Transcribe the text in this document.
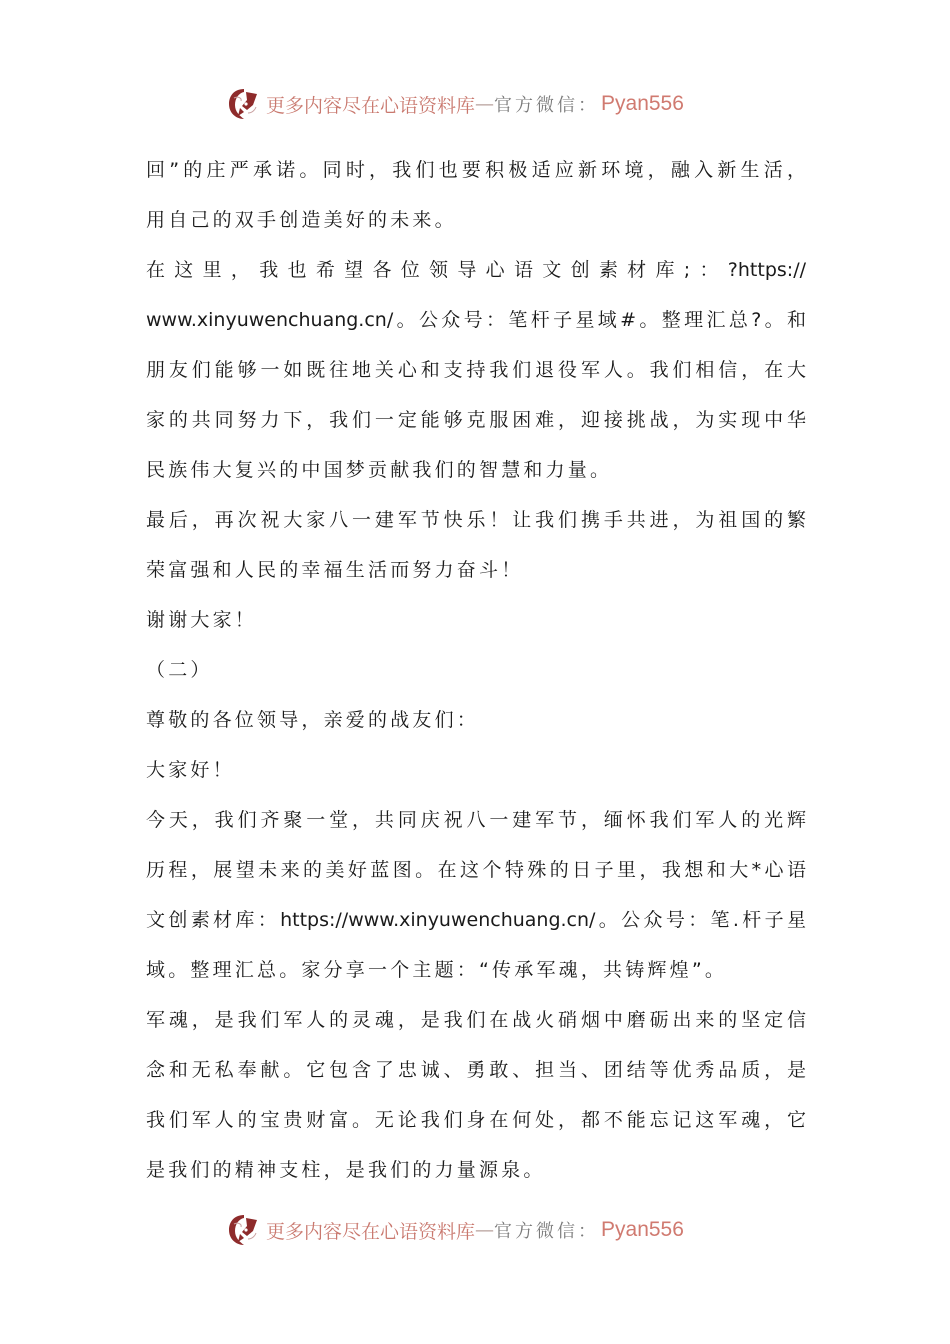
更多内容尽在心语资料库 — 官方微信： Pyan556
回”的庄严承诺。同时，我们也要积极适应新环境，融入新生活，
用自己的双手创造美好的未来。
在这里，我也希望各位领导心语文创素材库;：?https://
www.xinyuwenchuang.cn/。公众号：笔杆子星域#。整理汇总?。和
朋友们能够一如既往地关心和支持我们退役军人。我们相信，在大
家的共同努力下，我们一定能够克服困难，迎接挑战，为实现中华
民族伟大复兴的中国梦贡献我们的智慧和力量。
最后，再次祝大家八一建军节快乐！让我们携手共进，为祖国的繁
荣富强和人民的幸福生活而努力奋斗！
谢谢大家！
（二）
尊敬的各位领导，亲爱的战友们：
大家好！
今天，我们齐聚一堂，共同庆祝八一建军节，缅怀我们军人的光辉
历程，展望未来的美好蓝图。在这个特殊的日子里，我想和大*心语
文创素材库：https://www.xinyuwenchuang.cn/。公众号：笔.杆子星
域。整理汇总。家分享一个主题：“传承军魂，共铸辉煌”。
军魂，是我们军人的灵魂，是我们在战火硝烟中磨砺出来的坚定信
念和无私奉献。它包含了忠诚、勇敢、担当、团结等优秀品质，是
我们军人的宝贵财富。无论我们身在何处，都不能忘记这军魂，它
是我们的精神支柱，是我们的力量源泉。
更多内容尽在心语资料库 — 官方微信： Pyan556
